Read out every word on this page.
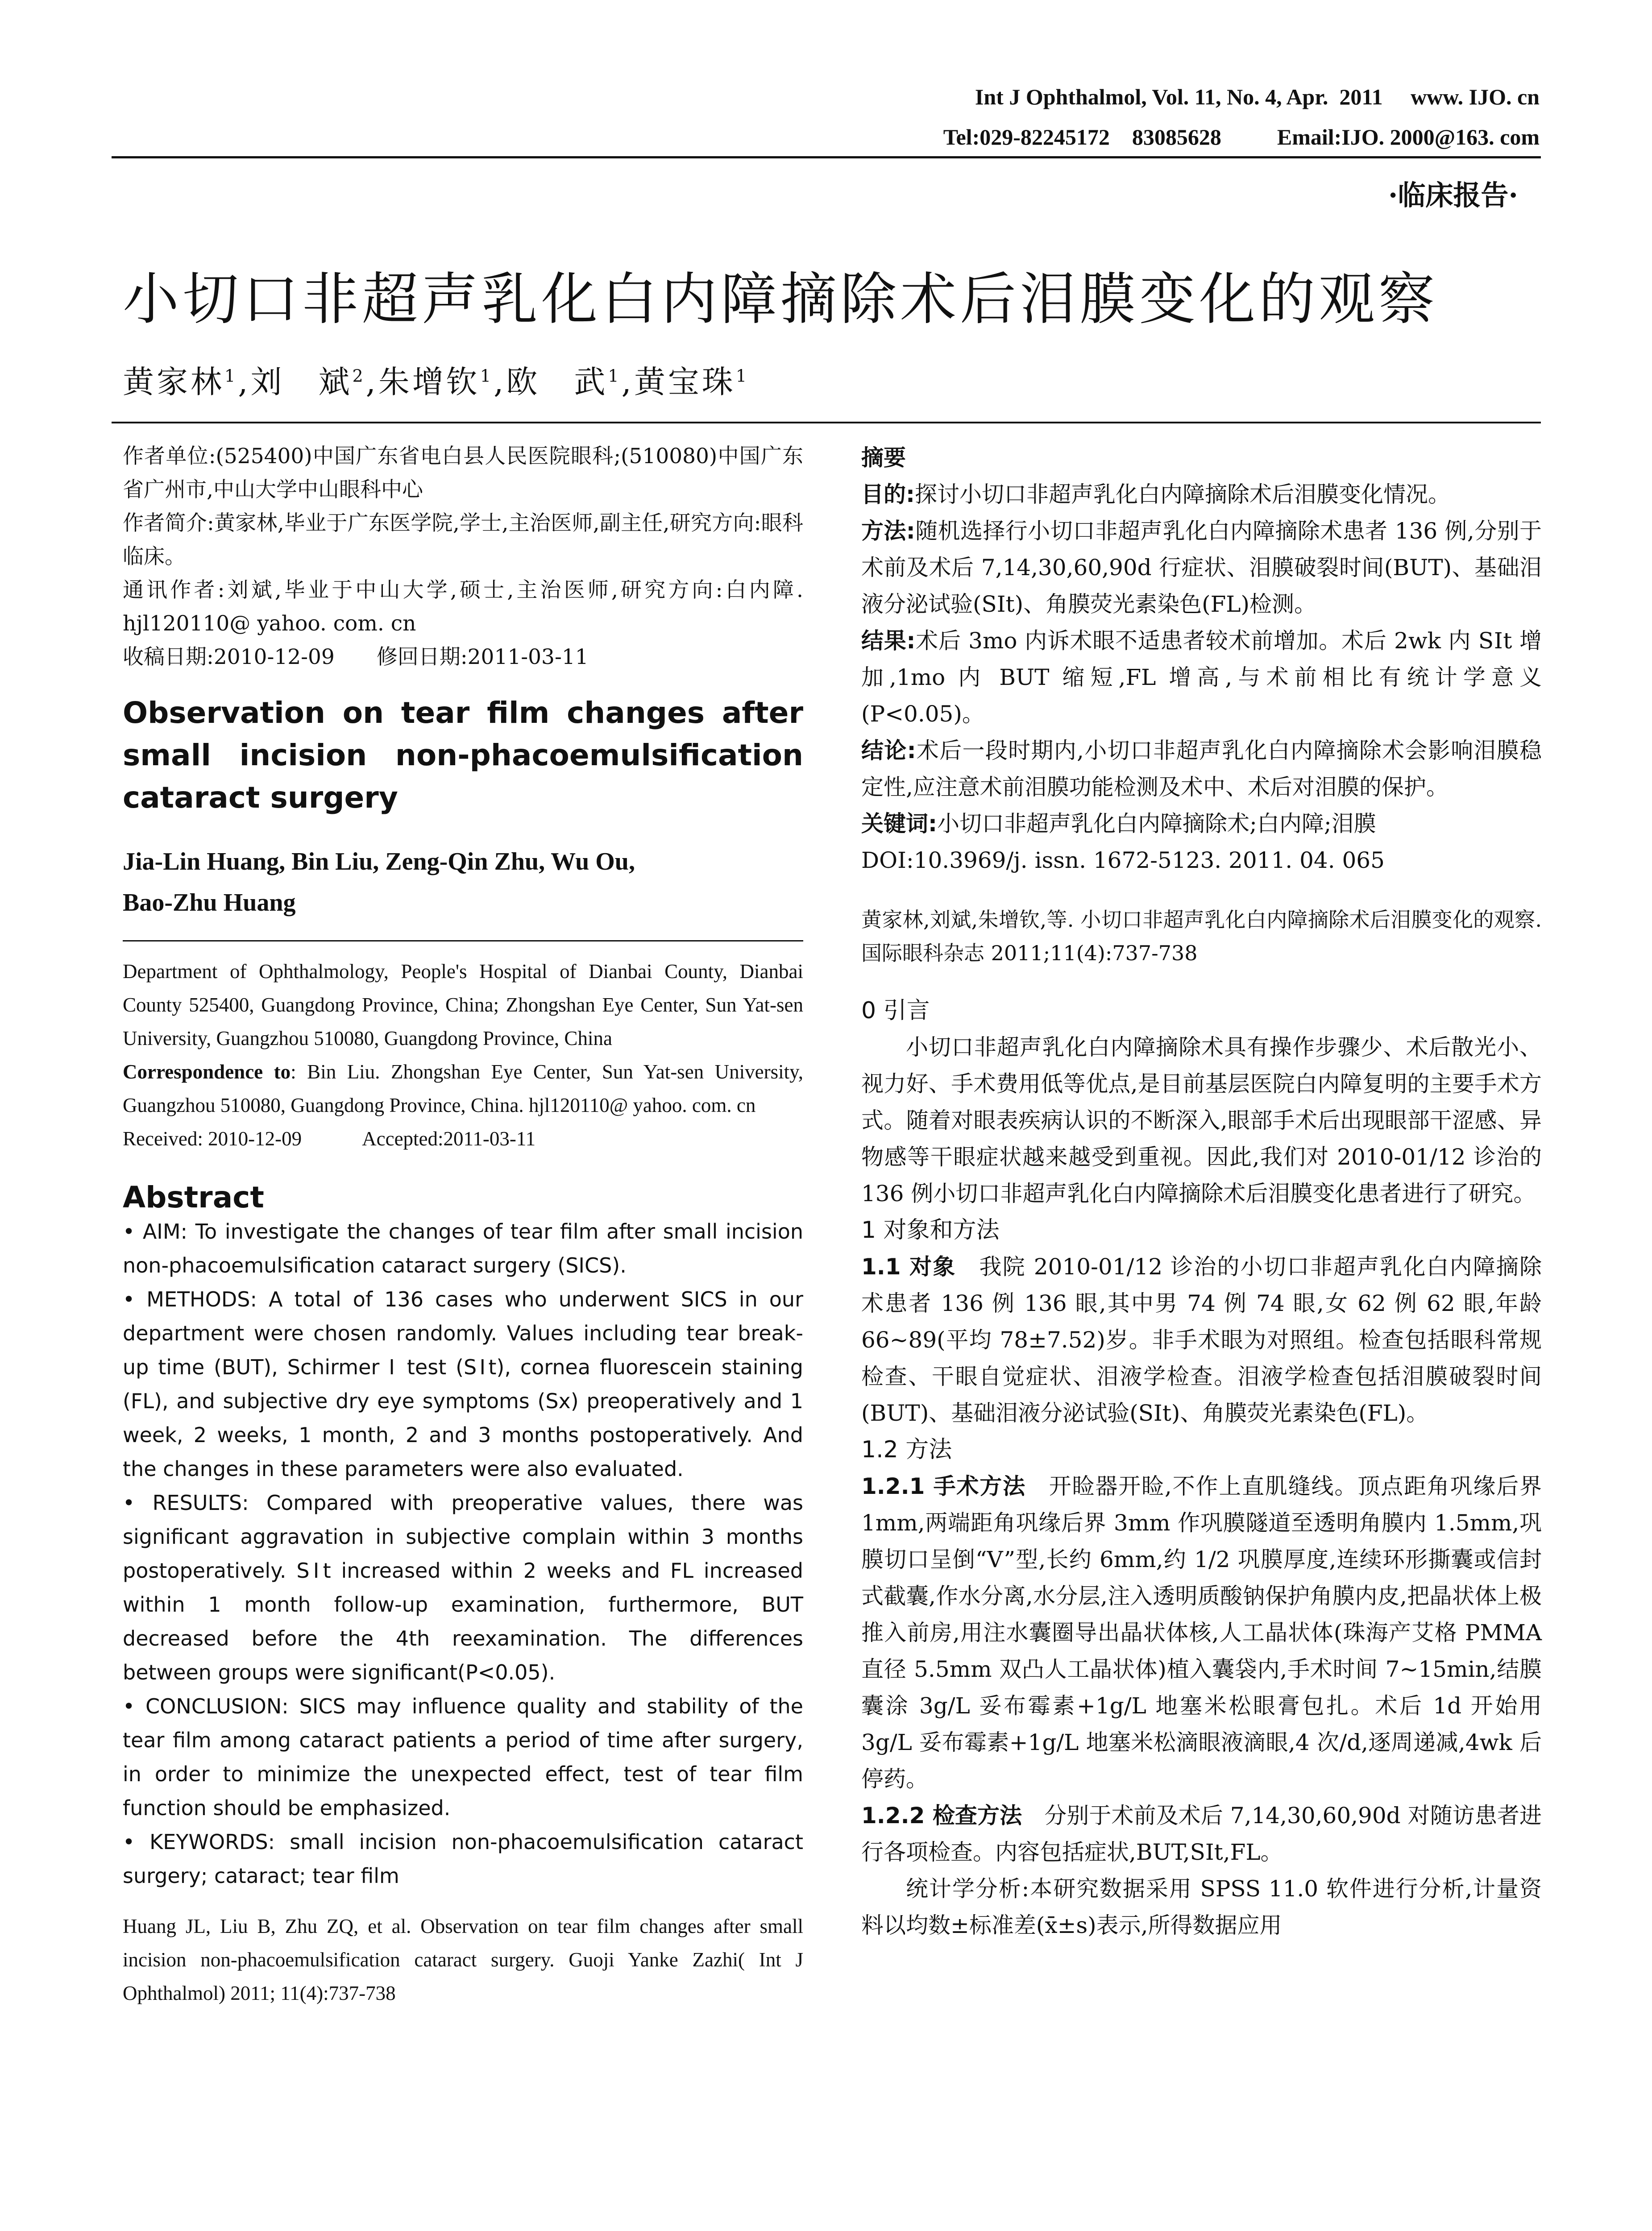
Int J Ophthalmol, Vol. 11, No. 4, Apr.  2011     www. IJO. cn
Tel:029-82245172    83085628          Email:IJO. 2000@163. com
·临床报告·
小切口非超声乳化白内障摘除术后泪膜变化的观察
黄家林$^1$,刘　斌$^2$,朱增钦$^1$,欧　武$^1$,黄宝珠$^1$

作者单位:(525400)中国广东省电白县人民医院眼科;(510080)中国广东省广州市,中山大学中山眼科中心

作者简介:黄家林,毕业于广东医学院,学士,主治医师,副主任,研究方向:眼科临床。

通讯作者:刘斌,毕业于中山大学,硕士,主治医师,研究方向:白内障. hjl120110@ yahoo. com. cn

收稿日期:2010-12-09　　修回日期:2011-03-11

Observation on tear film changes after small incision non-phacoemulsification cataract surgery
Jia-Lin Huang, Bin Liu, Zeng-Qin Zhu, Wu Ou,
Bao-Zhu Huang
Department of Ophthalmology, People's Hospital of Dianbai County, Dianbai County 525400, Guangdong Province, China; Zhongshan Eye Center, Sun Yat-sen University, Guangzhou 510080, Guangdong Province, China
Correspondence to: Bin Liu. Zhongshan Eye Center, Sun Yat-sen University, Guangzhou 510080, Guangdong Province, China. hjl120110@ yahoo. com. cn
Received: 2010-12-09　　　Accepted:2011-03-11
Abstract

• AIM: To investigate the changes of tear film after small incision non-phacoemulsification cataract surgery (SICS).

• METHODS: A total of 136 cases who underwent SICS in our department were chosen randomly. Values including tear break-up time (BUT), Schirmer Ⅰ test (SⅠt), cornea fluorescein staining (FL), and subjective dry eye symptoms (Sx) preoperatively and 1 week, 2 weeks, 1 month, 2 and 3 months postoperatively. And the changes in these parameters were also evaluated.

• RESULTS: Compared with preoperative values, there was significant aggravation in subjective complain within 3 months postoperatively. SⅠt increased within 2 weeks and FL increased within 1 month follow-up examination, furthermore, BUT decreased before the 4th reexamination. The differences between groups were significant(P<0.05).

• CONCLUSION: SICS may influence quality and stability of the tear film among cataract patients a period of time after surgery, in order to minimize the unexpected effect, test of tear film function should be emphasized.

• KEYWORDS: small incision non-phacoemulsification cataract surgery; cataract; tear film

Huang JL, Liu B, Zhu ZQ, et al. Observation on tear film changes after small incision non-phacoemulsification cataract surgery. Guoji Yanke Zazhi( Int J Ophthalmol) 2011; 11(4):737-738

摘要

目的:探讨小切口非超声乳化白内障摘除术后泪膜变化情况。

方法:随机选择行小切口非超声乳化白内障摘除术患者 136 例,分别于术前及术后 7,14,30,60,90d 行症状、泪膜破裂时间(BUT)、基础泪液分泌试验(SⅠt)、角膜荧光素染色(FL)检测。

结果:术后 3mo 内诉术眼不适患者较术前增加。术后 2wk 内 SⅠt 增加,1mo 内 BUT 缩短,FL 增高,与术前相比有统计学意义(P<0.05)。

结论:术后一段时期内,小切口非超声乳化白内障摘除术会影响泪膜稳定性,应注意术前泪膜功能检测及术中、术后对泪膜的保护。

关键词:小切口非超声乳化白内障摘除术;白内障;泪膜

DOI:10.3969/j. issn. 1672-5123. 2011. 04. 065

黄家林,刘斌,朱增钦,等. 小切口非超声乳化白内障摘除术后泪膜变化的观察. 国际眼科杂志 2011;11(4):737-738

0 引言

小切口非超声乳化白内障摘除术具有操作步骤少、术后散光小、视力好、手术费用低等优点,是目前基层医院白内障复明的主要手术方式。随着对眼表疾病认识的不断深入,眼部手术后出现眼部干涩感、异物感等干眼症状越来越受到重视。因此,我们对 2010-01/12 诊治的 136 例小切口非超声乳化白内障摘除术后泪膜变化患者进行了研究。

1 对象和方法

1.1 对象　 我院 2010-01/12 诊治的小切口非超声乳化白内障摘除术患者 136 例 136 眼,其中男 74 例 74 眼,女 62 例 62 眼,年龄 66~89(平均 78±7.52)岁。非手术眼为对照组。检查包括眼科常规检查、干眼自觉症状、泪液学检查。泪液学检查包括泪膜破裂时间(BUT)、基础泪液分泌试验(SⅠt)、角膜荧光素染色(FL)。

1.2 方法

1.2.1 手术方法　 开睑器开睑,不作上直肌缝线。顶点距角巩缘后界 1mm,两端距角巩缘后界 3mm 作巩膜隧道至透明角膜内 1.5mm,巩膜切口呈倒“V”型,长约 6mm,约 1/2 巩膜厚度,连续环形撕囊或信封式截囊,作水分离,水分层,注入透明质酸钠保护角膜内皮,把晶状体上极推入前房,用注水囊圈导出晶状体核,人工晶状体(珠海产艾格 PMMA 直径 5.5mm 双凸人工晶状体)植入囊袋内,手术时间 7~15min,结膜囊涂 3g/L 妥布霉素+1g/L 地塞米松眼膏包扎。术后 1d 开始用 3g/L 妥布霉素+1g/L 地塞米松滴眼液滴眼,4 次/d,逐周递减,4wk 后停药。

1.2.2 检查方法　 分别于术前及术后 7,14,30,60,90d 对随访患者进行各项检查。内容包括症状,BUT,SⅠt,FL。

统计学分析:本研究数据采用 SPSS 11.0 软件进行分析,计量资料以均数±标准差(x̄±s)表示,所得数据应用
